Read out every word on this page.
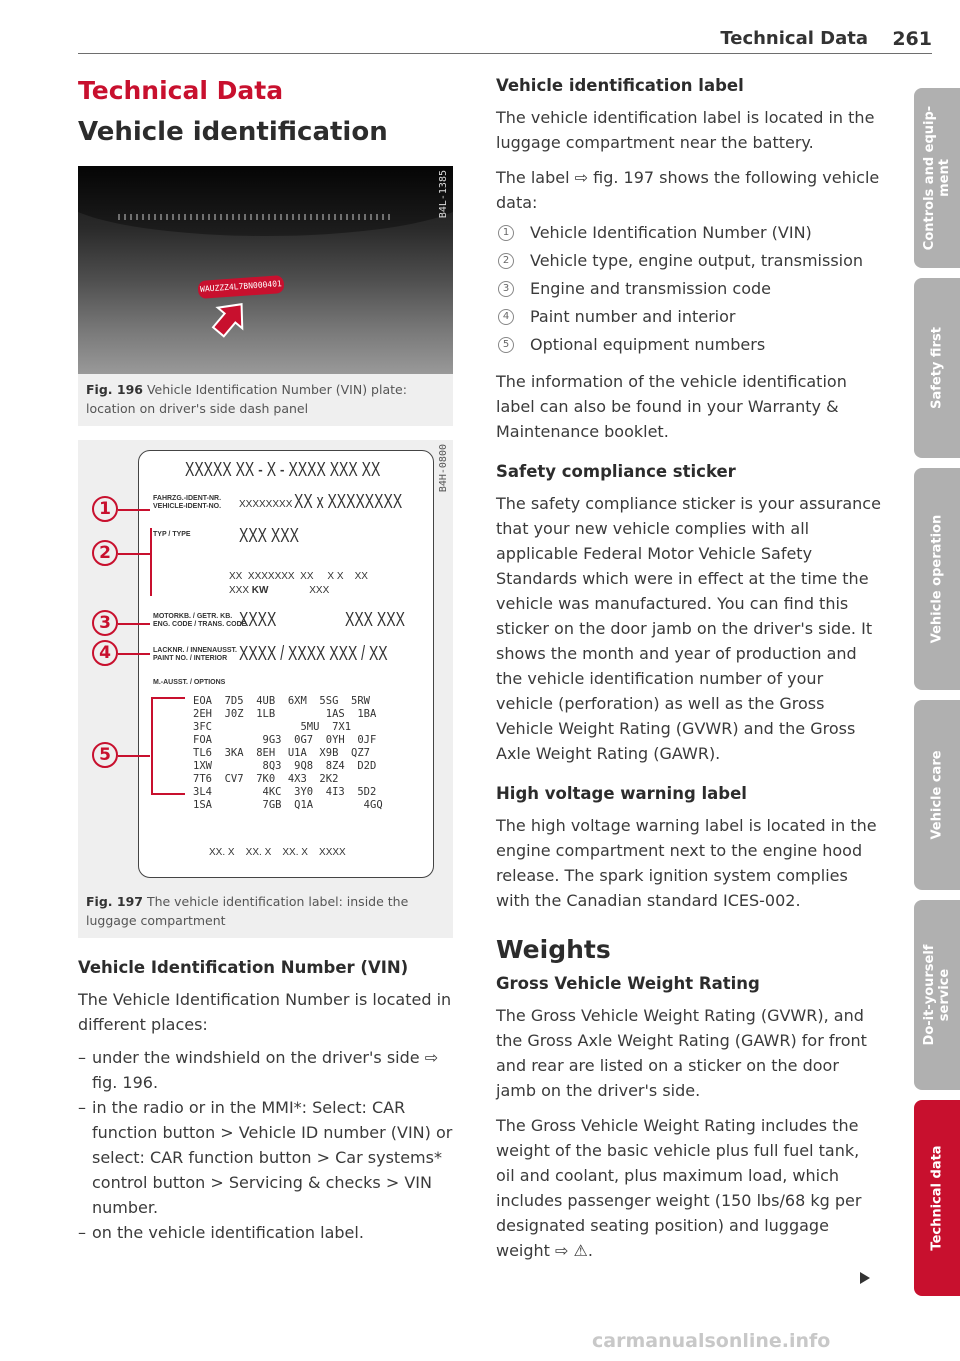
Technical Data 261
Technical Data
Vehicle identification
WAUZZZ4L7BN000401
B4L-1385
Fig. 196 Vehicle Identification Number (VIN) plate: location on driver's side dash panel
B4H-0800
XXXXX XX - X - XXXX XXX XX
FAHRZG.-IDENT-NR.
VEHICLE-IDENT-NO. XXXXXXXX XX x XXXXXXXX
TYP / TYPE XXX XXX
XX  XXXXXXX  XX     X X    XX
XXX KW	XXX
MOTORKB. / GETR. KB.
ENG. CODE / TRANS. CODE
XXXX	XXX XXX
LACKNR. / INNENAUSST.
PAINT NO. / INTERIOR XXXX / XXXX XXX / XX
M.-AUSST. / OPTIONS
EOA  7D5  4UB  6XM  5SG  5RW
2EH  J0Z  1LB        1AS  1BA
3FC              5MU  7X1
FOA        9G3  0G7  0YH  0JF
TL6  3KA  8EH  U1A  X9B  QZ7
1XW        8Q3  9Q8  8Z4  D2D
7T6  CV7  7K0  4X3  2K2
3L4        4KC  3Y0  4I3  5D2
1SA        7GB  Q1A        4GQ
XX. X    XX. X    XX. X    XXXX
1
2
3
4
5
Fig. 197 The vehicle identification label: inside the luggage compartment
Vehicle Identification Number (VIN)
The Vehicle Identification Number is located in different places:
– under the windshield on the driver's side ⇨ fig. 196.
– in the radio or in the MMI*: Select: CAR function button > Vehicle ID number (VIN) or select: CAR function button > Car systems* control button > Servicing & checks > VIN number.
– on the vehicle identification label.
Vehicle identification label
The vehicle identification label is located in the luggage compartment near the battery.
The label ⇨ fig. 197 shows the following vehicle data:
1	Vehicle Identification Number (VIN)
2	Vehicle type, engine output, transmission
3	Engine and transmission code
4	Paint number and interior
5	Optional equipment numbers
The information of the vehicle identification label can also be found in your Warranty & Maintenance booklet.
Safety compliance sticker
The safety compliance sticker is your assurance that your new vehicle complies with all applicable Federal Motor Vehicle Safety Standards which were in effect at the time the vehicle was manufactured. You can find this sticker on the door jamb on the driver's side. It shows the month and year of production and the vehicle identification number of your vehicle (perforation) as well as the Gross Vehicle Weight Rating (GVWR) and the Gross Axle Weight Rating (GAWR).
High voltage warning label
The high voltage warning label is located in the engine compartment next to the engine hood release. The spark ignition system complies with the Canadian standard ICES-002.
Weights
Gross Vehicle Weight Rating
The Gross Vehicle Weight Rating (GVWR), and the Gross Axle Weight Rating (GAWR) for front and rear are listed on a sticker on the door jamb on the driver's side.
The Gross Vehicle Weight Rating includes the weight of the basic vehicle plus full fuel tank, oil and coolant, plus maximum load, which includes passenger weight (150 lbs/68 kg per designated seating position) and luggage weight ⇨ ⚠.
Controls and equip-
ment
Safety first
Vehicle operation
Vehicle care
Do-it-yourself
service
Technical data
carmanualsonline.info
